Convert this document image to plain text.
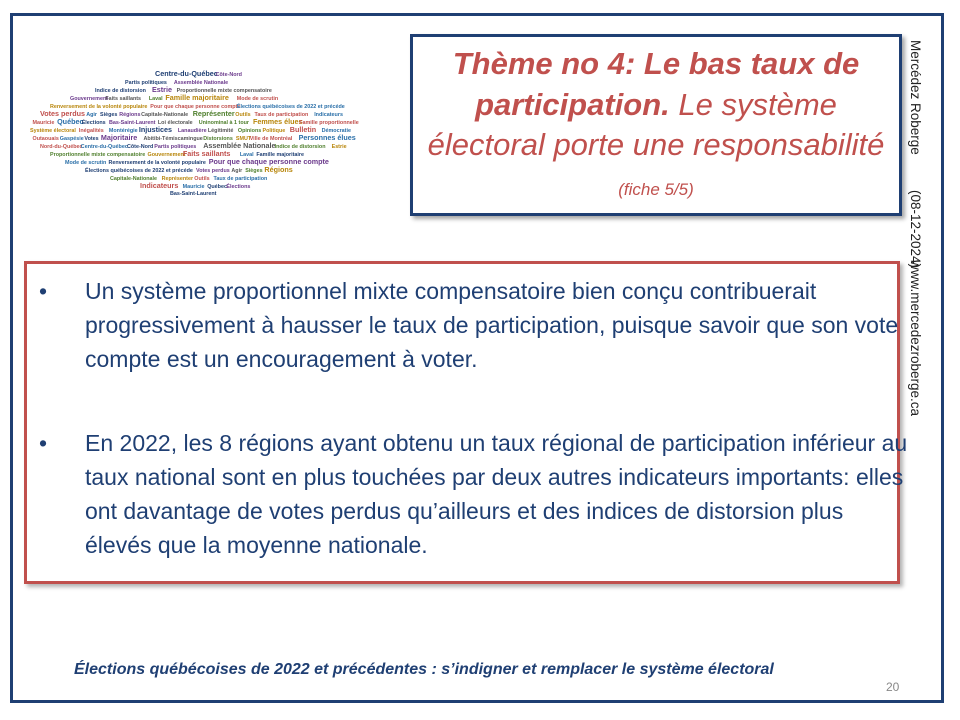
Centre-du-Québec
Côte-Nord
Partis politiques Assemblée Nationale
Indice de distorsion Estrie Proportionnelle mixte compensatoire
Gouvernement
Faits saillants Laval Famille majoritaire Mode de scrutin
Renversement de la volonté populaire Pour que chaque personne compte
Élections québécoises de 2022 et précéde
Votes perdus Agir Sièges Régions Capitale-Nationale Représenter Outils Taux de participation Indicateurs
Mauricie Québec
Élections Bas-Saint-Laurent Loi électorale Uninominal à 1 tour Femmes élues
Famille proportionnelle
Système électoral Inégalités Montérégie Injustices Lanaudière Légitimité Opinions Politique Bulletin Démocratie
Outaouais Gaspésie Votes Majoritaire Abitibi-Témiscamingue Distorsions SMUT
Ville de Montréal Personnes élues
Nord-du-Québec
Centre-du-Québec Côte-Nord Partis politiques Assemblée Nationale Indice de distorsion Estrie
Proportionnelle mixte compensatoire Gouvernement
Faits saillants Laval Famille majoritaire
Mode de scrutin Renversement de la volonté populaire Pour que chaque personne compte
Élections québécoises de 2022 et précéde Votes perdus Agir Sièges Régions
Capitale-Nationale Représenter Outils Taux de participation
Indicateurs Mauricie Québec Élections
Bas-Saint-Laurent
Thème no 4: Le bas taux de participation. Le système électoral porte une responsabilité (fiche 5/5)
Mercédez Roberge
(08-12-2024)
www.mercedezroberge.ca
• Un système proportionnel mixte compensatoire bien conçu contribuerait progressivement à hausser le taux de participation, puisque savoir que son vote compte est un encouragement à voter.
• En 2022, les 8 régions ayant obtenu un taux régional de participation inférieur au taux national sont en plus touchées par deux autres indicateurs importants: elles ont davantage de votes perdus qu’ailleurs et des indices de distorsion plus élevés que la moyenne nationale.
Élections québécoises de 2022 et précédentes : s’indigner et remplacer le système électoral
20
